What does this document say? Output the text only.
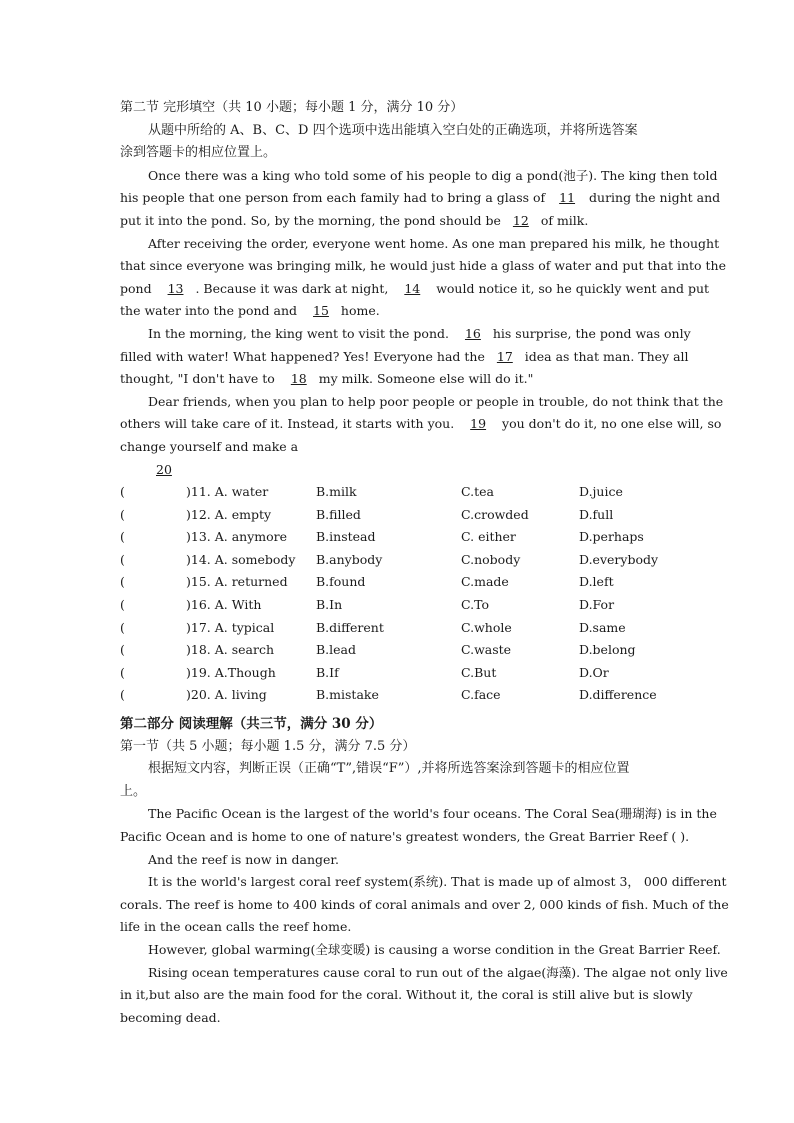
第二节 完形填空（共 10 小题；每小题 1 分，满分 10 分）
从题中所给的 A、B、C、D 四个选项中选出能填入空白处的正确选项，并将所选答案
涂到答题卡的相应位置上。
Once there was a king who told some of his people to dig a pond(池子). The king then told
his people that one person from each family had to bring a glass of 11 during the night and
put it into the pond. So, by the morning, the pond should be 12 of milk.
After receiving the order, everyone went home. As one man prepared his milk, he thought
that since everyone was bringing milk, he would just hide a glass of water and put that into the
pond 13 . Because it was dark at night, 14 would notice it, so he quickly went and put
the water into the pond and 15 home.
In the morning, the king went to visit the pond. 16 his surprise, the pond was only
filled with water! What happened? Yes! Everyone had the 17 idea as that man. They all
thought, "I don't have to 18 my milk. Someone else will do it."
Dear friends, when you plan to help poor people or people in trouble, do not think that the
others will take care of it. Instead, it starts with you. 19 you don't do it, no one else will, so
change yourself and make a
20
(	)11. A. water	B.milk	C.tea	D.juice
(	)12. A. empty	B.filled	C.crowded	D.full
(	)13. A. anymore B.instead	C. either	D.perhaps
(	)14. A. somebody B.anybody	C.nobody	D.everybody
(	)15. A. returned B.found	C.made	D.left
(	)16. A. With	B.In	C.To	D.For
(	)17. A. typical	B.different	C.whole	D.same
(	)18. A. search	B.lead	C.waste	D.belong
(	)19. A.Though	B.If	C.But	D.Or
(	)20. A. living	B.mistake	C.face	D.difference
第二部分 阅读理解（共三节，满分 30 分）
第一节（共 5 小题；每小题 1.5 分，满分 7.5 分）
根据短文内容，判断正误（正确“T”,错误“F”）,并将所选答案涂到答题卡的相应位置
上。
The Pacific Ocean is the largest of the world's four oceans. The Coral Sea(珊瑚海) is in the
Pacific Ocean and is home to one of nature's greatest wonders, the Great Barrier Reef ( ).
And the reef is now in danger.
It is the world's largest coral reef system(系统). That is made up of almost 3， 000 different
corals. The reef is home to 400 kinds of coral animals and over 2, 000 kinds of fish. Much of the
life in the ocean calls the reef home.
However, global warming(全球变暖) is causing a worse condition in the Great Barrier Reef.
Rising ocean temperatures cause coral to run out of the algae(海藻). The algae not only live
in it,but also are the main food for the coral. Without it, the coral is still alive but is slowly
becoming dead.
